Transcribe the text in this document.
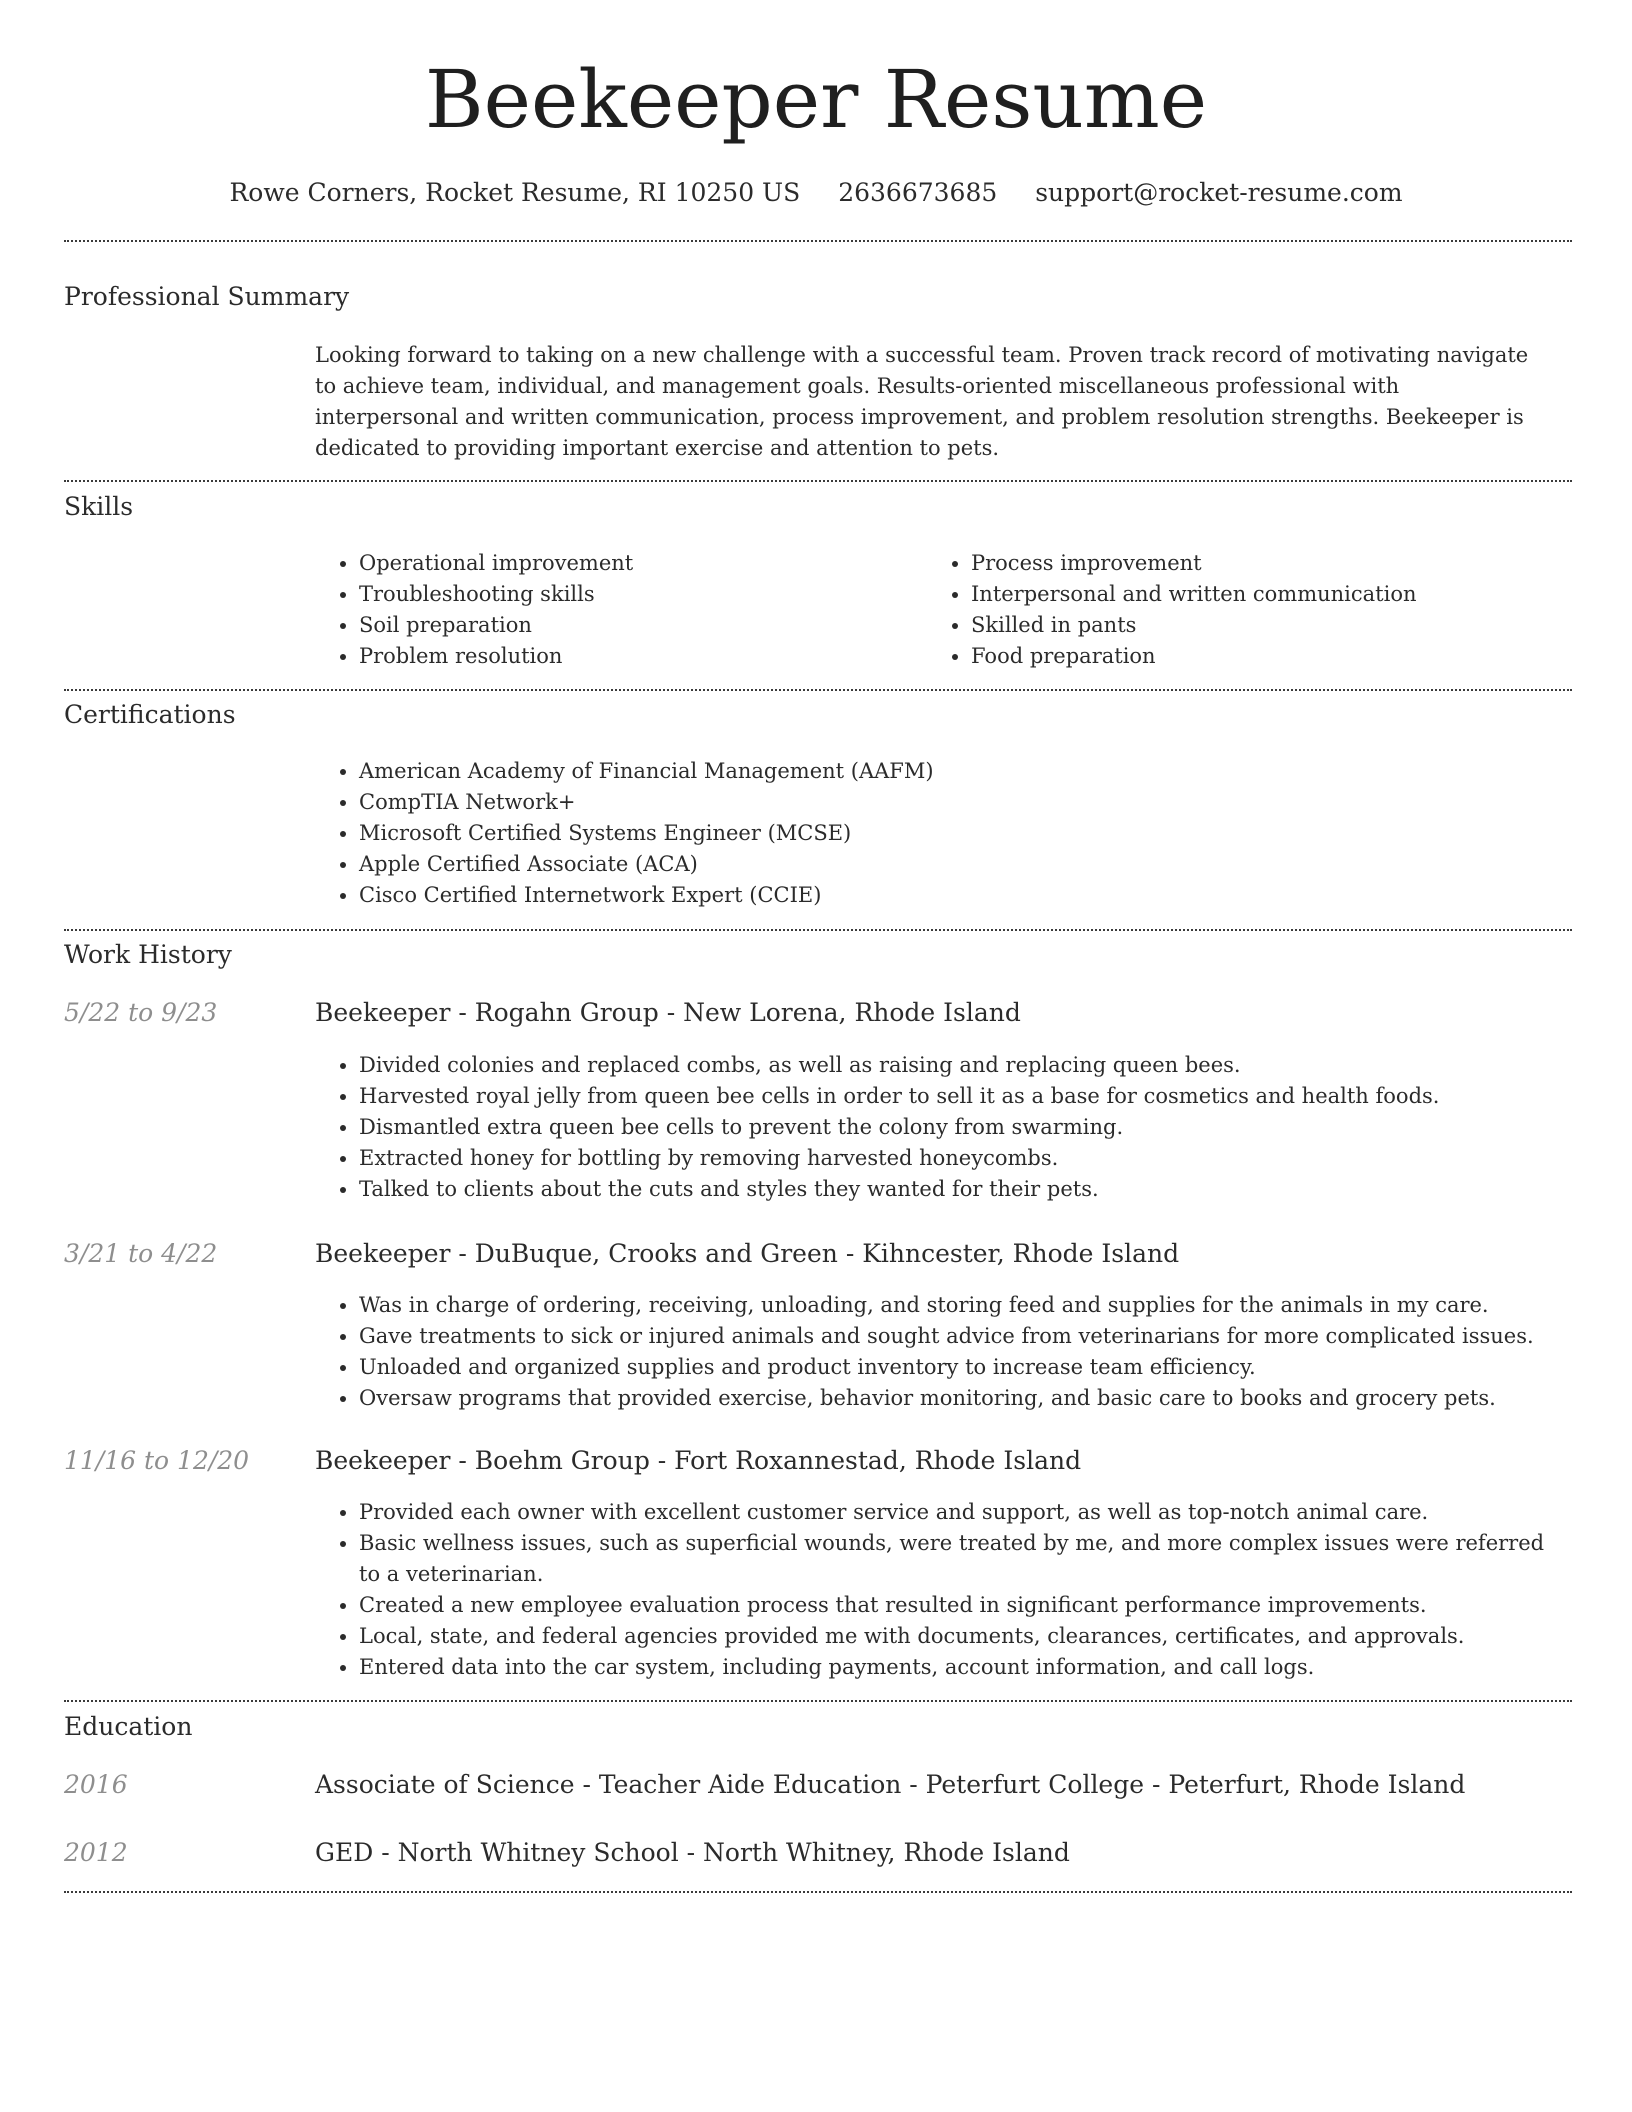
Beekeeper Resume
Rowe Corners, Rocket Resume, RI 10250 US 2636673685 support@rocket-resume.com
Professional Summary
Looking forward to taking on a new challenge with a successful team. Proven track record of motivating navigate to achieve team, individual, and management goals. Results-oriented miscellaneous professional with interpersonal and written communication, process improvement, and problem resolution strengths. Beekeeper is dedicated to providing important exercise and attention to pets.
Skills
• Operational improvement
• Troubleshooting skills
• Soil preparation
• Problem resolution
• Process improvement
• Interpersonal and written communication
• Skilled in pants
• Food preparation
Certifications
• American Academy of Financial Management (AAFM)
• CompTIA Network+
• Microsoft Certified Systems Engineer (MCSE)
• Apple Certified Associate (ACA)
• Cisco Certified Internetwork Expert (CCIE)
Work History
5/22 to 9/23	Beekeeper - Rogahn Group - New Lorena, Rhode Island
• Divided colonies and replaced combs, as well as raising and replacing queen bees.
• Harvested royal jelly from queen bee cells in order to sell it as a base for cosmetics and health foods.
• Dismantled extra queen bee cells to prevent the colony from swarming.
• Extracted honey for bottling by removing harvested honeycombs.
• Talked to clients about the cuts and styles they wanted for their pets.
3/21 to 4/22	Beekeeper - DuBuque, Crooks and Green - Kihncester, Rhode Island
• Was in charge of ordering, receiving, unloading, and storing feed and supplies for the animals in my care.
• Gave treatments to sick or injured animals and sought advice from veterinarians for more complicated issues.
• Unloaded and organized supplies and product inventory to increase team efficiency.
• Oversaw programs that provided exercise, behavior monitoring, and basic care to books and grocery pets.
11/16 to 12/20	Beekeeper - Boehm Group - Fort Roxannestad, Rhode Island
• Provided each owner with excellent customer service and support, as well as top-notch animal care.
• Basic wellness issues, such as superficial wounds, were treated by me, and more complex issues were referred to a veterinarian.
• Created a new employee evaluation process that resulted in significant performance improvements.
• Local, state, and federal agencies provided me with documents, clearances, certificates, and approvals.
• Entered data into the car system, including payments, account information, and call logs.
Education
2016	Associate of Science - Teacher Aide Education - Peterfurt College - Peterfurt, Rhode Island
2012	GED - North Whitney School - North Whitney, Rhode Island
